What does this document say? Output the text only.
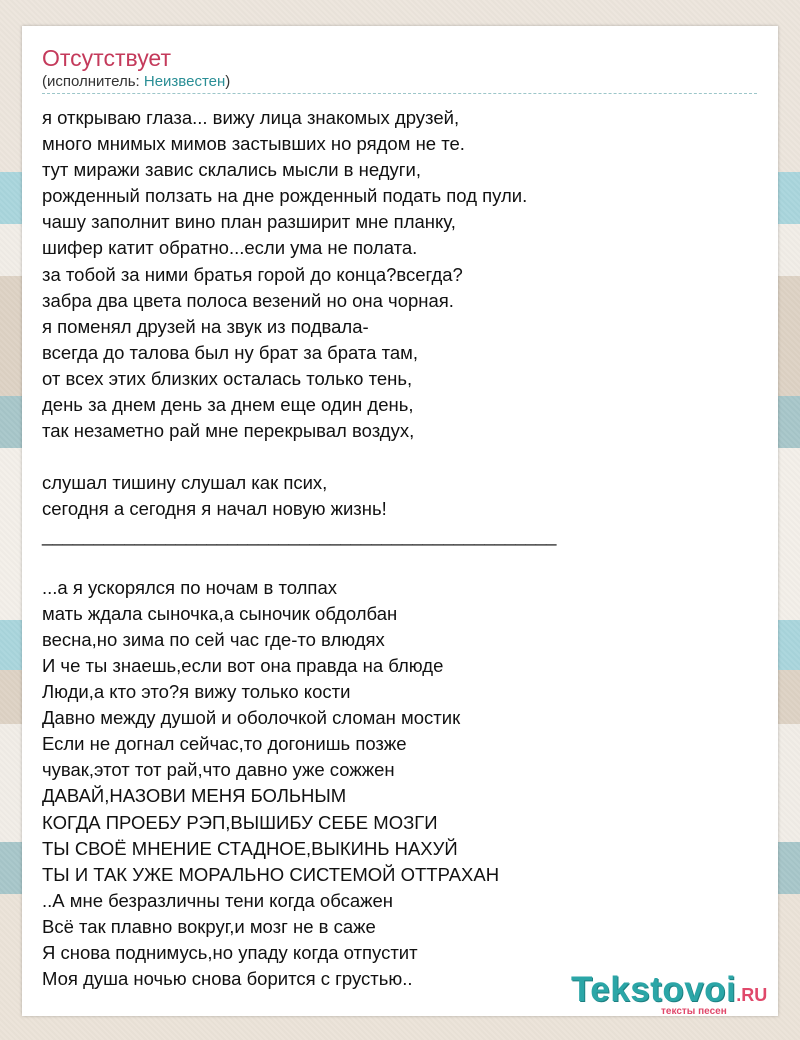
Отсутствует
(исполнитель: Неизвестен)
я открываю глаза... вижу лица знакомых друзей,
много мнимых мимов застывших но рядом не те.
тут миражи завис склались мысли в недуги,
рожденный ползать на дне рожденный подать под пули.
чашу заполнит вино план разширит мне планку,
шифер катит обратно...если ума не полата.
за тобой за ними братья горой до конца?всегда?
забра два цвета полоса везений но она чорная.
я поменял друзей на звук из подвала-
всегда до талова был ну брат за брата там,
от всех этих близких осталась только тень,
день за днем день за днем еще один день,
так незаметно рай мне перекрывал воздух,
слушал тишину слушал как псих,
сегодня а сегодня я начал новую жизнь!
__________________________________________________
...а я ускорялся по ночам в толпах
мать ждала сыночка,а сыночик обдолбан
весна,но зима по сей час где-то влюдях
И че ты знаешь,если вот она правда на блюде
Люди,а кто это?я вижу только кости
Давно между душой и оболочкой сломан мостик
Если не догнал сейчас,то догонишь позже
чувак,этот тот рай,что давно уже сожжен
ДАВАЙ,НАЗОВИ МЕНЯ БОЛЬНЫМ
КОГДА ПРОЕБУ РЭП,ВЫШИБУ СЕБЕ МОЗГИ
ТЫ СВОЁ МНЕНИЕ СТАДНОЕ,ВЫКИНЬ НАХУЙ
ТЫ И ТАК УЖЕ МОРАЛЬНО СИСТЕМОЙ ОТТРАХАН
..А мне безразличны тени когда обсажен
Всё так плавно вокруг,и мозг не в саже
Я снова поднимусь,но упаду когда отпустит
Моя душа ночью снова борится с грустью..	Tekstovoi.RU
тексты песен
